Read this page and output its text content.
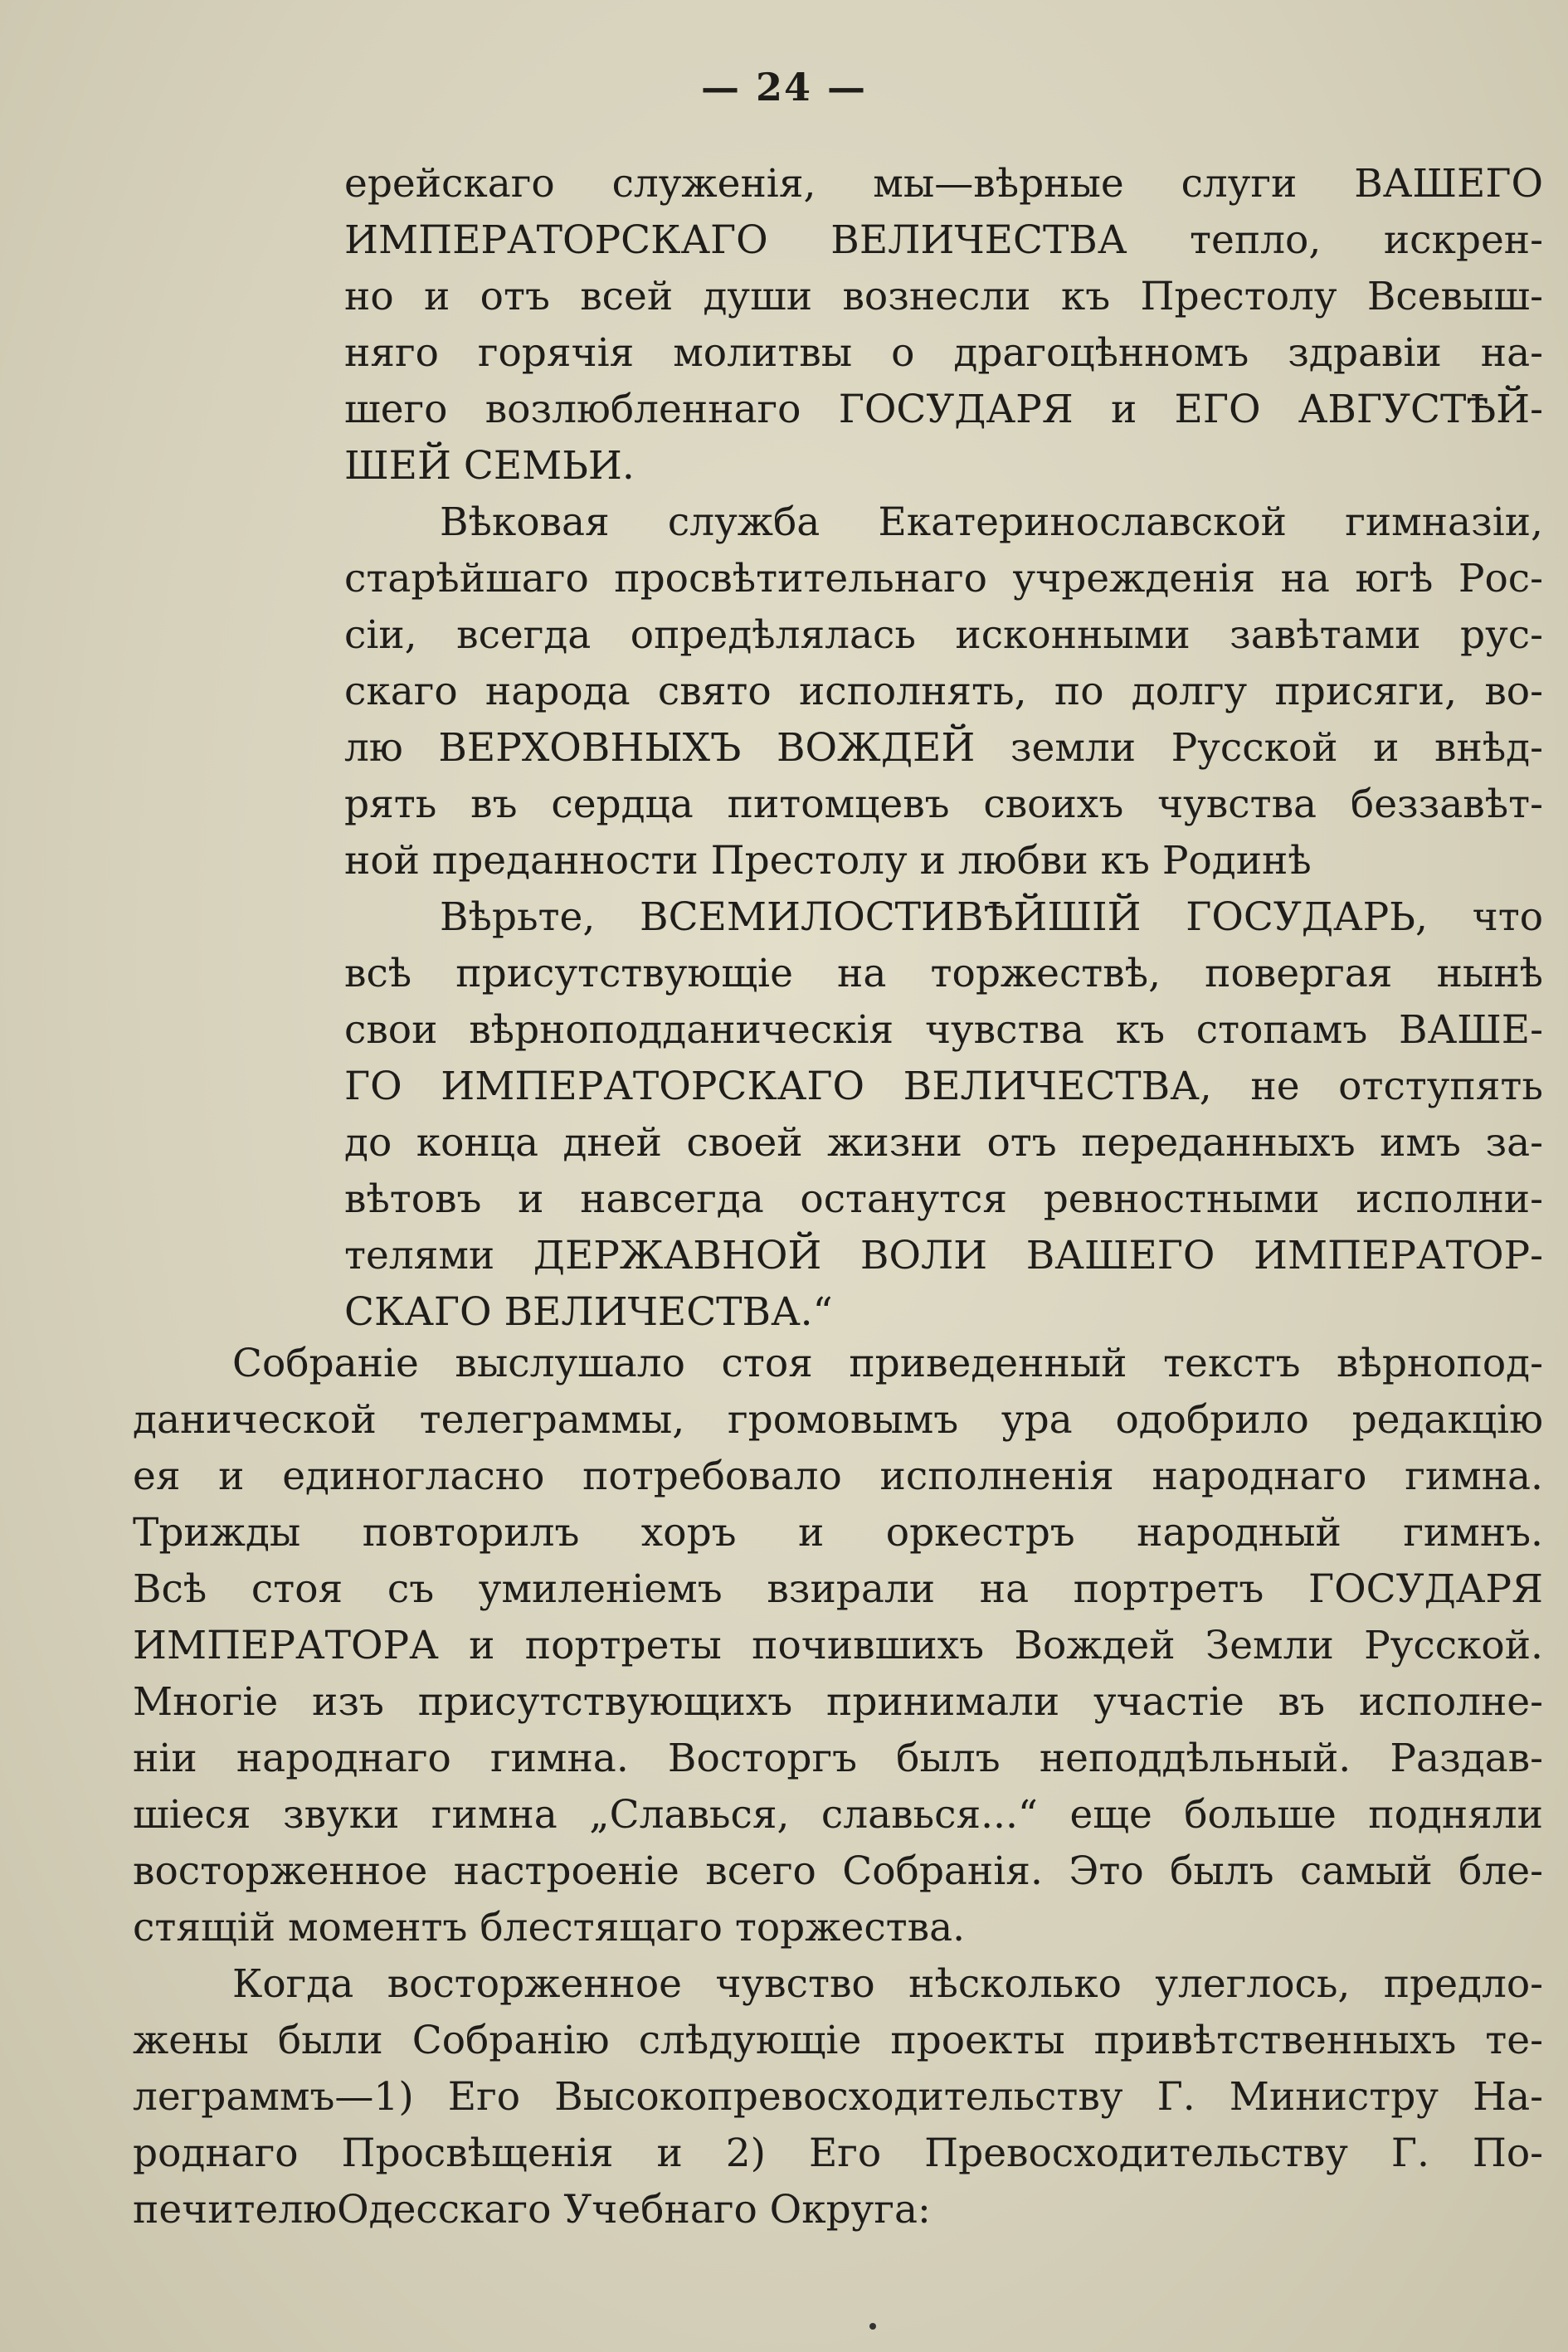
— 24 —
ерейскаго служенія, мы—вѣрные слуги ВАШЕГО
ИМПЕРАТОРСКАГО ВЕЛИЧЕСТВА тепло, искрен-
но и отъ всей души вознесли къ Престолу Всевыш-
няго горячія молитвы о драгоцѣнномъ здравіи на-
шего возлюбленнаго ГОСУДАРЯ и ЕГО АВГУСТѢЙ-
ШЕЙ СЕМЬИ.
Вѣковая служба Екатеринославской гимназіи,
старѣйшаго просвѣтительнаго учрежденія на югѣ Рос-
сіи, всегда опредѣлялась исконными завѣтами рус-
скаго народа свято исполнять, по долгу присяги, во-
лю ВЕРХОВНЫХЪ ВОЖДЕЙ земли Русской и внѣд-
рять въ сердца питомцевъ своихъ чувства беззавѣт-
ной преданности Престолу и любви къ Родинѣ
Вѣрьте, ВСЕМИЛОСТИВѢЙШІЙ ГОСУДАРЬ, что
всѣ присутствующіе на торжествѣ, повергая нынѣ
свои вѣрноподданическія чувства къ стопамъ ВАШЕ-
ГО ИМПЕРАТОРСКАГО ВЕЛИЧЕСТВА, не отступять
до конца дней своей жизни отъ переданныхъ имъ за-
вѣтовъ и навсегда останутся ревностными исполни-
телями ДЕРЖАВНОЙ ВОЛИ ВАШЕГО ИМПЕРАТОР-
СКАГО ВЕЛИЧЕСТВА.“
Собраніе выслушало стоя приведенный текстъ вѣрнопод-
данической телеграммы, громовымъ ура одобрило редакцію
ея и единогласно потребовало исполненія народнаго гимна.
Трижды повторилъ хоръ и оркестръ народный гимнъ.
Всѣ стоя съ умиленіемъ взирали на портретъ ГОСУДАРЯ
ИМПЕРАТОРА и портреты почившихъ Вождей Земли Русской.
Многіе изъ присутствующихъ принимали участіе въ исполне-
ніи народнаго гимна. Восторгъ былъ неподдѣльный. Раздав-
шіеся звуки гимна „Славься, славься...“ еще больше подняли
восторженное настроеніе всего Собранія. Это былъ самый бле-
стящій моментъ блестящаго торжества.
Когда восторженное чувство нѣсколько улеглось, предло-
жены были Собранію слѣдующіе проекты привѣтственныхъ те-
леграммъ—1) Его Высокопревосходительству Г. Министру На-
роднаго Просвѣщенія и 2) Его Превосходительству Г. По-
печителюОдесскаго Учебнаго Округа:
